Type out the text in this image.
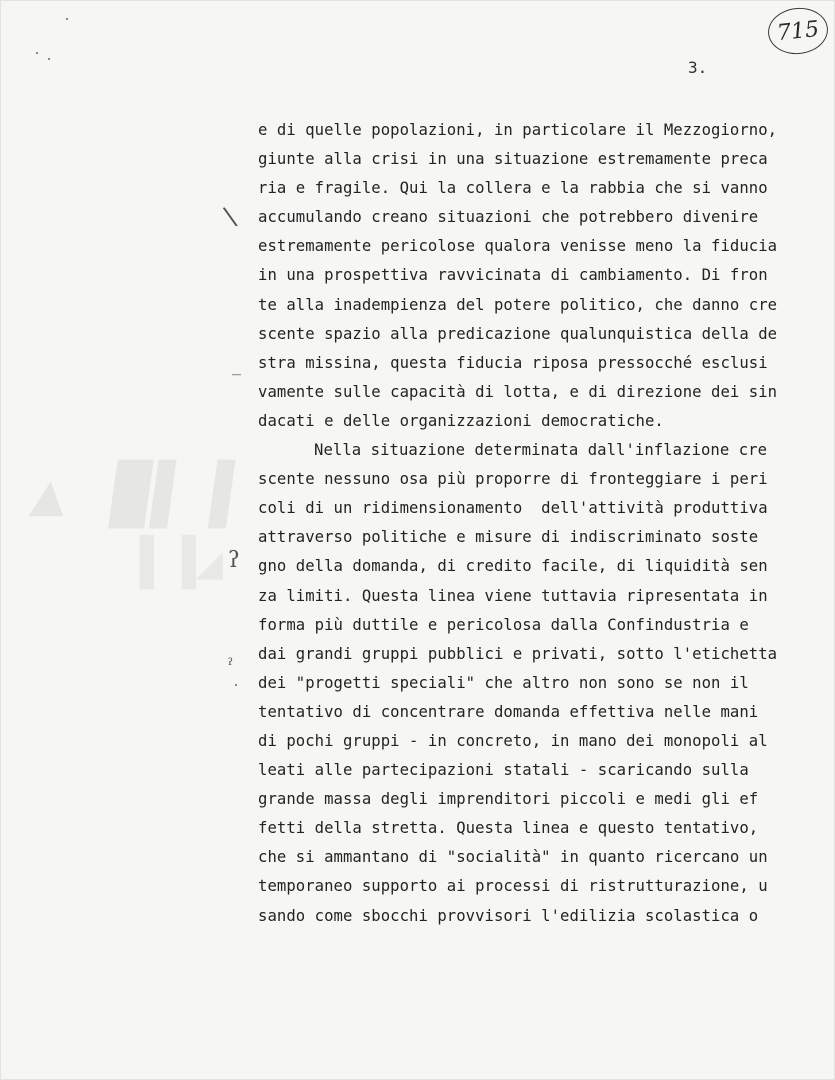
▲ █▌▐
▌▐◢
715
3.
\
_
ʔ
ˀ
e di quelle popolazioni, in particolare il Mezzogiorno,
giunte alla crisi in una situazione estremamente preca
ria e fragile. Qui la collera e la rabbia che si vanno
accumulando creano situazioni che potrebbero divenire
estremamente pericolose qualora venisse meno la fiducia
in una prospettiva ravvicinata di cambiamento. Di fron
te alla inadempienza del potere politico, che danno cre
scente spazio alla predicazione qualunquistica della de
stra missina, questa fiducia riposa pressocché esclusi
vamente sulle capacità di lotta, e di direzione dei sin
dacati e delle organizzazioni democratiche.
Nella situazione determinata dall'inflazione cre
scente nessuno osa più proporre di fronteggiare i peri
coli di un ridimensionamento  dell'attività produttiva
attraverso politiche e misure di indiscriminato soste
gno della domanda, di credito facile, di liquidità sen
za limiti. Questa linea viene tuttavia ripresentata in
forma più duttile e pericolosa dalla Confindustria e
dai grandi gruppi pubblici e privati, sotto l'etichetta
dei "progetti speciali" che altro non sono se non il
tentativo di concentrare domanda effettiva nelle mani
di pochi gruppi - in concreto, in mano dei monopoli al
leati alle partecipazioni statali - scaricando sulla
grande massa degli imprenditori piccoli e medi gli ef
fetti della stretta. Questa linea e questo tentativo,
che si ammantano di "socialità" in quanto ricercano un
temporaneo supporto ai processi di ristrutturazione, u
sando come sbocchi provvisori l'edilizia scolastica o
